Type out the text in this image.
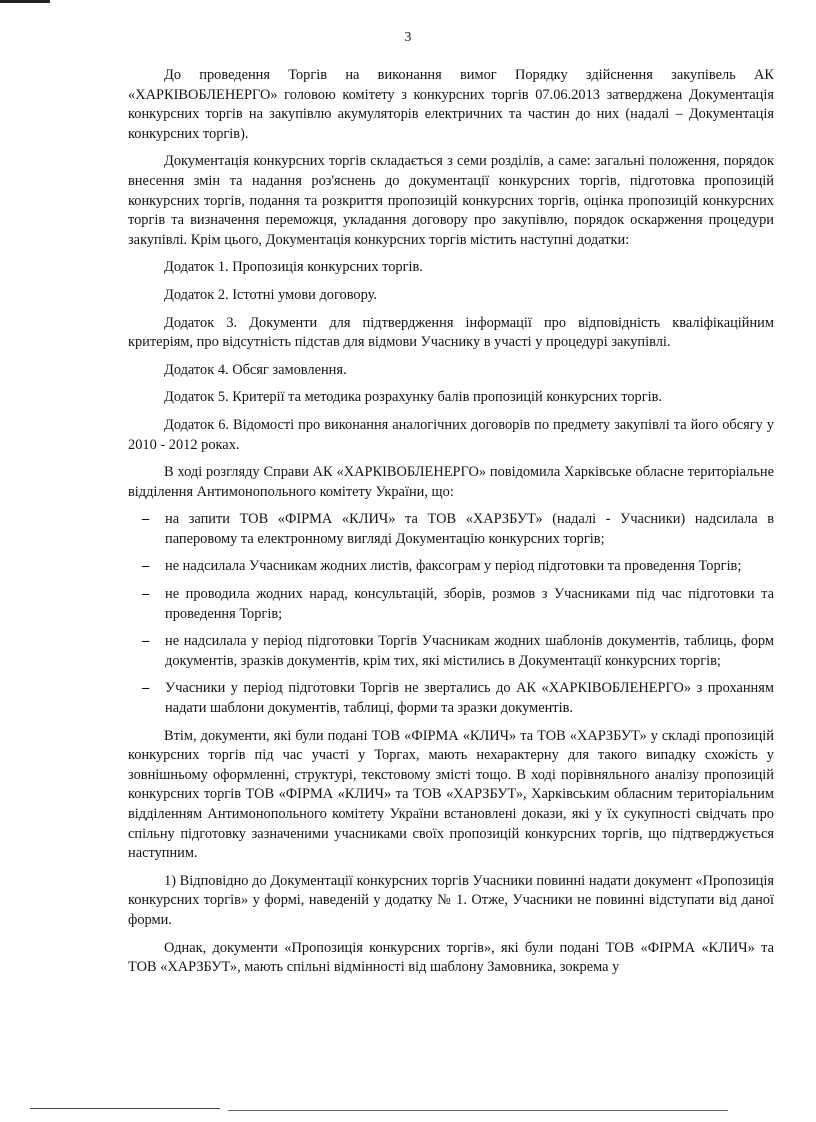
3

До проведення Торгів на виконання вимог Порядку здійснення закупівель АК «ХАРКІВОБЛЕНЕРГО» головою комітету з конкурсних торгів 07.06.2013 затверджена Документація конкурсних торгів на закупівлю акумуляторів електричних та частин до них (надалі – Документація конкурсних торгів).

Документація конкурсних торгів складається з семи розділів, а саме: загальні положення, порядок внесення змін та надання роз'яснень до документації конкурсних торгів, підготовка пропозицій конкурсних торгів, подання та розкриття пропозицій конкурсних торгів, оцінка пропозицій конкурсних торгів та визначення переможця, укладання договору про закупівлю, порядок оскарження процедури закупівлі. Крім цього, Документація конкурсних торгів містить наступні додатки:

Додаток 1. Пропозиція конкурсних торгів.

Додаток 2. Істотні умови договору.

Додаток 3. Документи для підтвердження інформації про відповідність кваліфікаційним критеріям, про відсутність підстав для відмови Учаснику в участі у процедурі закупівлі.

Додаток 4. Обсяг замовлення.

Додаток 5. Критерії та методика розрахунку балів пропозицій конкурсних торгів.

Додаток 6. Відомості про виконання аналогічних договорів по предмету закупівлі та його обсягу у 2010 - 2012 роках.

В ході розгляду Справи АК «ХАРКІВОБЛЕНЕРГО» повідомила Харківське обласне територіальне відділення Антимонопольного комітету України, що:

–	на запити ТОВ «ФІРМА «КЛИЧ» та ТОВ «ХАРЗБУТ» (надалі - Учасники) надсилала в паперовому та електронному вигляді Документацію конкурсних торгів;
–	не надсилала Учасникам жодних листів, факсограм у період підготовки та проведення Торгів;
–	не проводила жодних нарад, консультацій, зборів, розмов з Учасниками під час підготовки та проведення Торгів;
–	не надсилала у період підготовки Торгів Учасникам жодних шаблонів документів, таблиць, форм документів, зразків документів, крім тих, які містились в Документації конкурсних торгів;
–	Учасники у період підготовки Торгів не звертались до АК «ХАРКІВОБЛЕНЕРГО» з проханням надати шаблони документів, таблиці, форми та зразки документів.

Втім, документи, які були подані ТОВ «ФІРМА «КЛИЧ» та ТОВ «ХАРЗБУТ» у складі пропозицій конкурсних торгів під час участі у Торгах, мають нехарактерну для такого випадку схожість у зовнішньому оформленні, структурі, текстовому змісті тощо. В ході порівняльного аналізу пропозицій конкурсних торгів ТОВ «ФІРМА «КЛИЧ» та ТОВ «ХАРЗБУТ», Харківським обласним територіальним відділенням Антимонопольного комітету України встановлені докази, які у їх сукупності свідчать про спільну підготовку зазначеними учасниками своїх пропозицій конкурсних торгів, що підтверджується наступним.

1) Відповідно до Документації конкурсних торгів Учасники повинні надати документ «Пропозиція конкурсних торгів» у формі, наведеній у додатку № 1. Отже, Учасники не повинні відступати від даної форми.

Однак, документи «Пропозиція конкурсних торгів», які були подані ТОВ «ФІРМА «КЛИЧ» та ТОВ «ХАРЗБУТ», мають спільні відмінності від шаблону Замовника, зокрема у
